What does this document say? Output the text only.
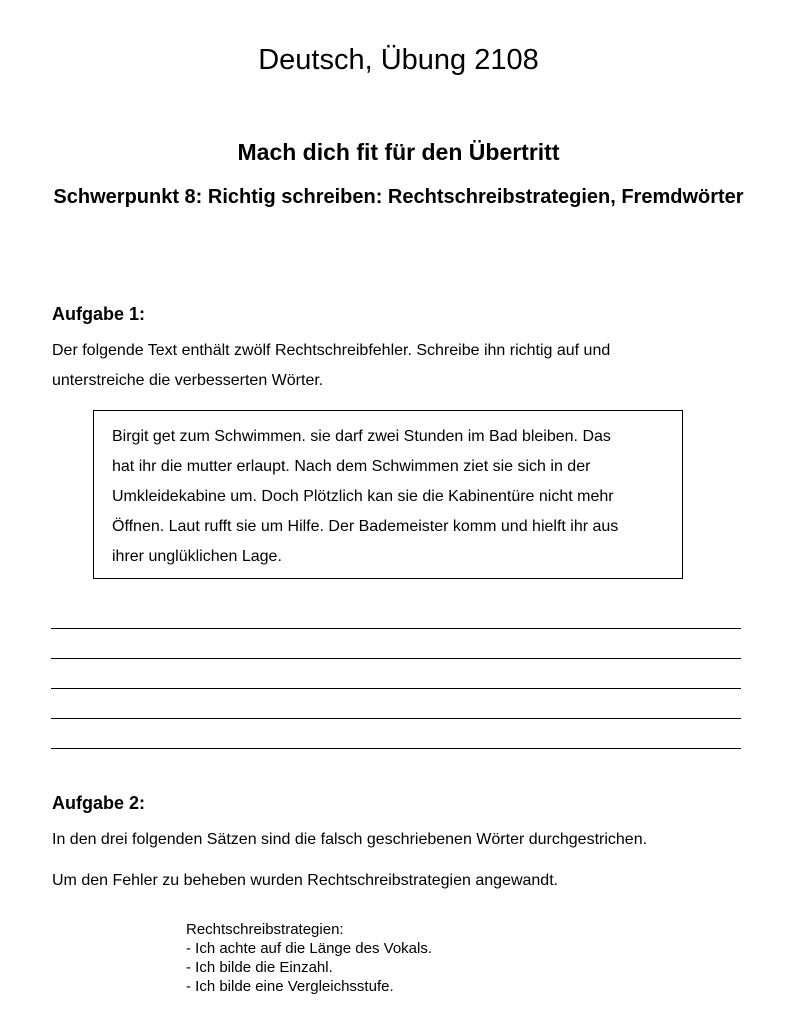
Deutsch, Übung 2108
Mach dich fit für den Übertritt
Schwerpunkt 8: Richtig schreiben: Rechtschreibstrategien, Fremdwörter
Aufgabe 1:
Der folgende Text enthält zwölf Rechtschreibfehler. Schreibe ihn richtig auf und
unterstreiche die verbesserten Wörter.
Birgit get zum Schwimmen. sie darf zwei Stunden im Bad bleiben. Das
hat ihr die mutter erlaupt. Nach dem Schwimmen ziet sie sich in der
Umkleidekabine um. Doch Plötzlich kan sie die Kabinentüre nicht mehr
Öffnen. Laut rufft sie um Hilfe. Der Bademeister komm und hielft ihr aus
ihrer unglüklichen Lage.
Aufgabe 2:
In den drei folgenden Sätzen sind die falsch geschriebenen Wörter durchgestrichen.
Um den Fehler zu beheben wurden Rechtschreibstrategien angewandt.
Rechtschreibstrategien:
- Ich achte auf die Länge des Vokals.
- Ich bilde die Einzahl.
- Ich bilde eine Vergleichsstufe.
